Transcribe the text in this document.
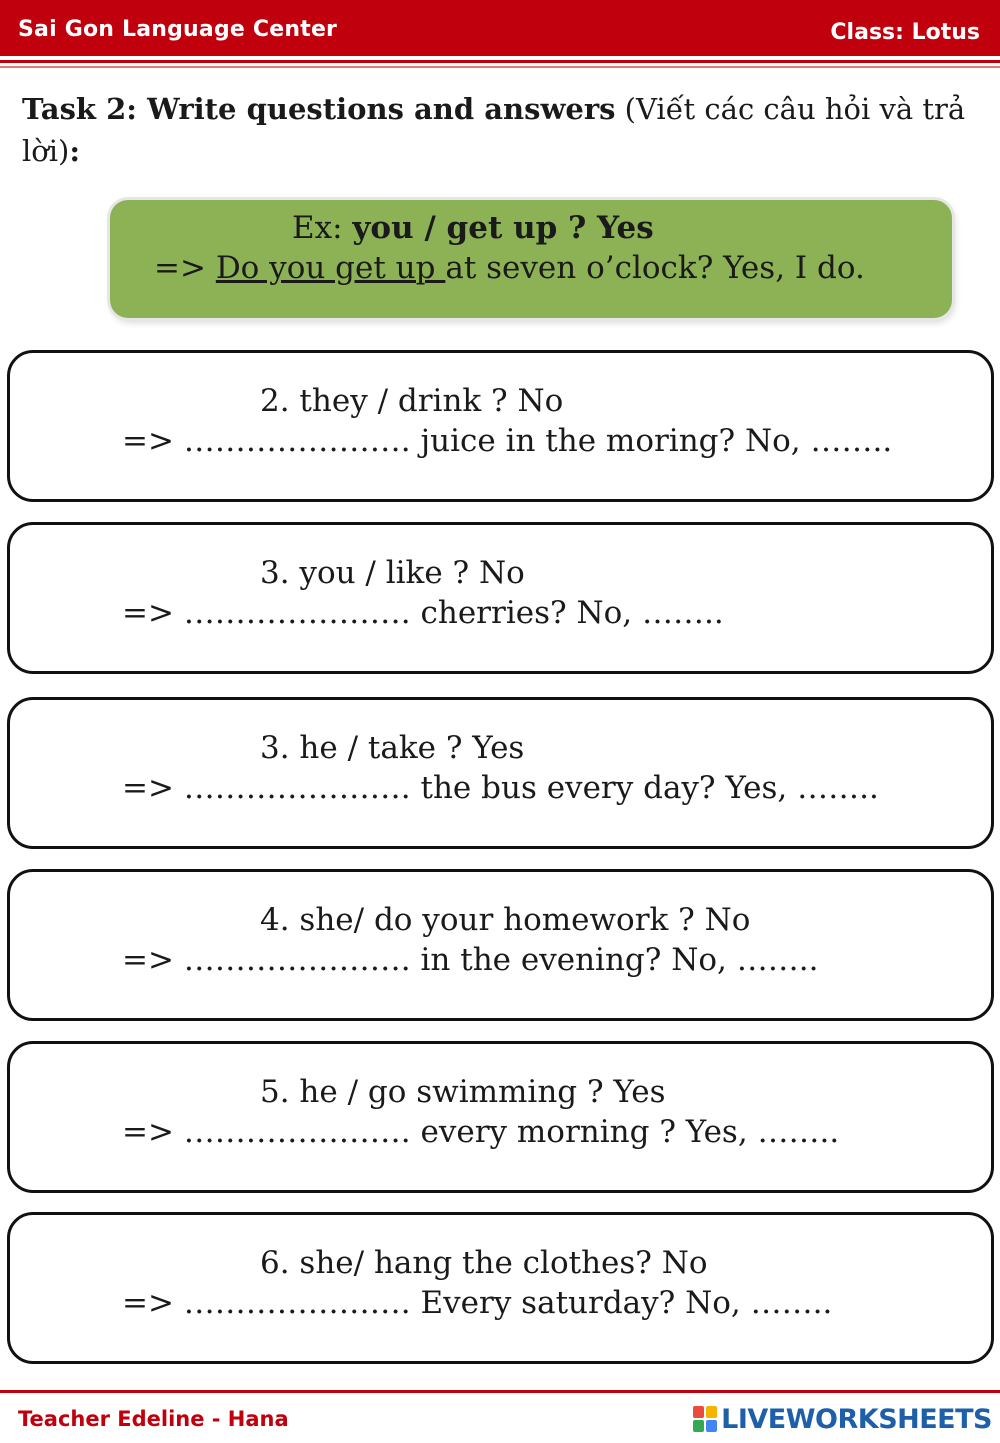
Sai Gon Language Center	Class: Lotus
Task 2: Write questions and answers (Viết các câu hỏi và trả lời):
Ex: you / get up ? Yes
=> Do you get up at seven o’clock? Yes, I do.
2. they / drink ? No
=> …………………. juice in the moring? No, ……..
3. you / like ? No
=> …………………. cherries? No, ……..
3. he / take ? Yes
=> …………………. the bus every day? Yes, ……..
4. she/ do your homework ? No
=> …………………. in the evening? No, ……..
5. he / go swimming ? Yes
=> …………………. every morning ? Yes, ……..
6. she/ hang the clothes? No
=> …………………. Every saturday? No, ……..
Teacher Edeline - Hana	LIVEWORKSHEETS
